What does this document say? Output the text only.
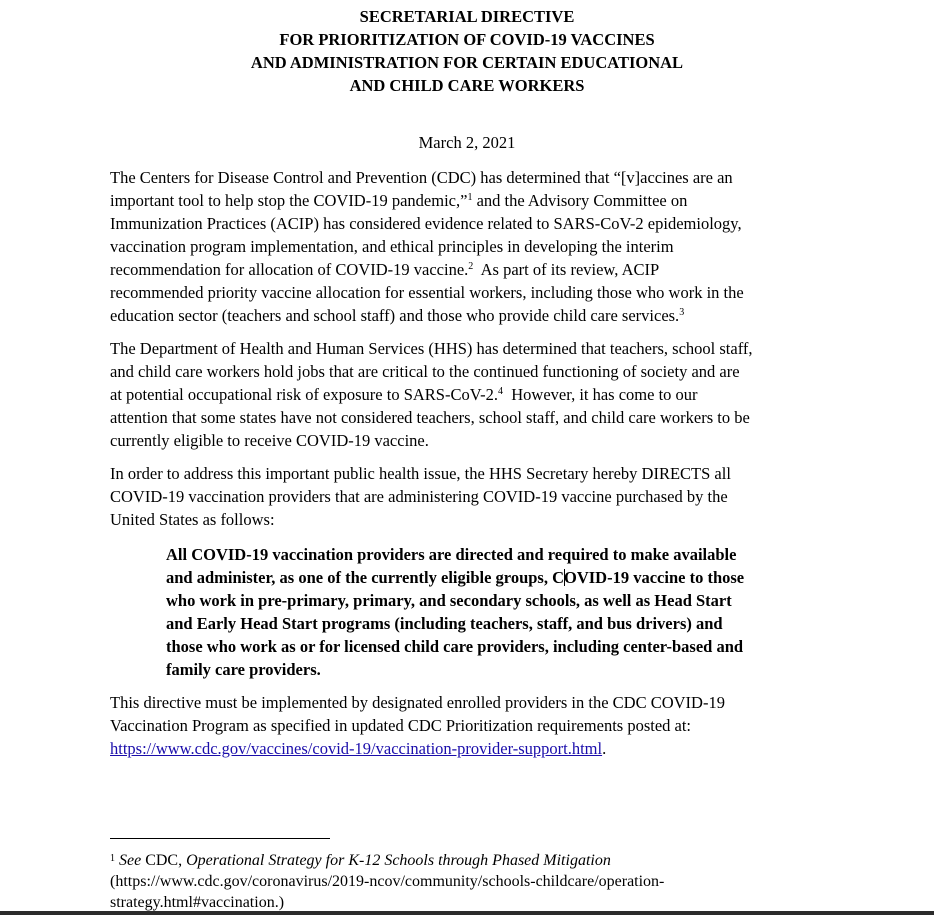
SECRETARIAL DIRECTIVE
FOR PRIORITIZATION OF COVID-19 VACCINES
AND ADMINISTRATION FOR CERTAIN EDUCATIONAL
AND CHILD CARE WORKERS
March 2, 2021
The Centers for Disease Control and Prevention (CDC) has determined that “[v]accines are an
important tool to help stop the COVID-19 pandemic,”$^1$ and the Advisory Committee on
Immunization Practices (ACIP) has considered evidence related to SARS-CoV-2 epidemiology,
vaccination program implementation, and ethical principles in developing the interim
recommendation for allocation of COVID-19 vaccine.$^2$  As part of its review, ACIP
recommended priority vaccine allocation for essential workers, including those who work in the
education sector (teachers and school staff) and those who provide child care services.$^3$
The Department of Health and Human Services (HHS) has determined that teachers, school staff,
and child care workers hold jobs that are critical to the continued functioning of society and are
at potential occupational risk of exposure to SARS-CoV-2.$^4$  However, it has come to our
attention that some states have not considered teachers, school staff, and child care workers to be
currently eligible to receive COVID-19 vaccine.
In order to address this important public health issue, the HHS Secretary hereby DIRECTS all
COVID-19 vaccination providers that are administering COVID-19 vaccine purchased by the
United States as follows:
All COVID-19 vaccination providers are directed and required to make available
and administer, as one of the currently eligible groups, COVID-19 vaccine to those
who work in pre-primary, primary, and secondary schools, as well as Head Start
and Early Head Start programs (including teachers, staff, and bus drivers) and
those who work as or for licensed child care providers, including center-based and
family care providers.
This directive must be implemented by designated enrolled providers in the CDC COVID-19
Vaccination Program as specified in updated CDC Prioritization requirements posted at:
https://www.cdc.gov/vaccines/covid-19/vaccination-provider-support.html.
$^1$ See CDC, Operational Strategy for K-12 Schools through Phased Mitigation
(https://www.cdc.gov/coronavirus/2019-ncov/community/schools-childcare/operation-
strategy.html#vaccination.)
